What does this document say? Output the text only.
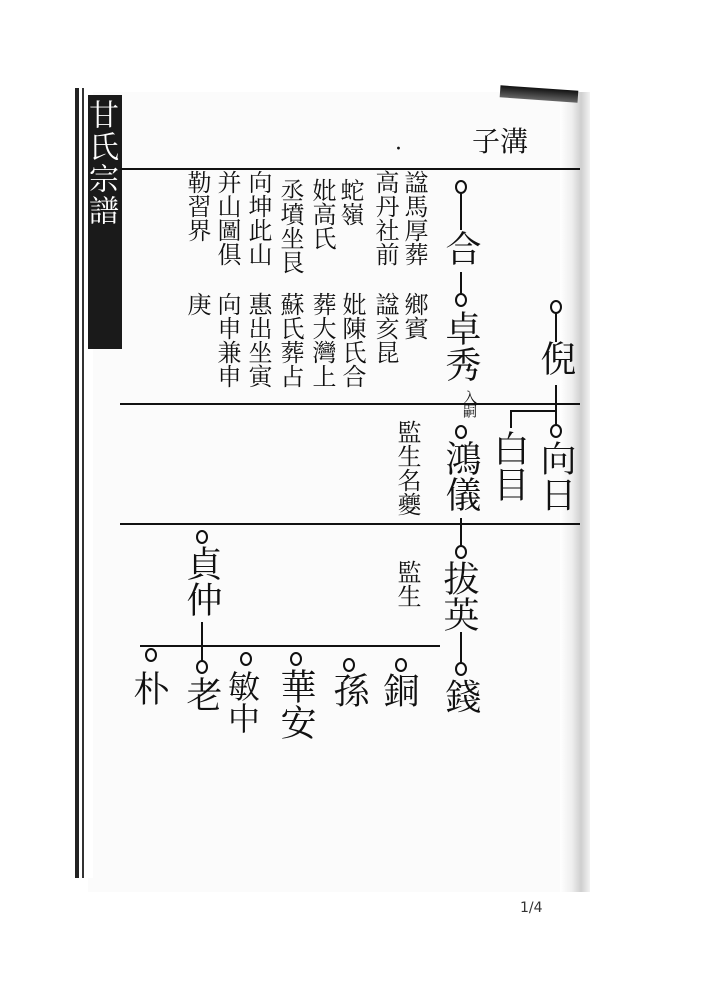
甘氏宗譜	·	子溝
倪
向日
白目
合
卓秀
入嗣
鴻儀
拔英
錢
諡馬厚葬
高丹社前
鄉賓
諡亥昆
妣陳氏合
葬大灣上
蛇嶺
妣高氏
蘇氏葬占
丞墳坐艮
惠出坐寅
向坤此山
向申兼申
并山圖俱
勒習界
庚
監生名夔
監生
貞仲
老
朴	銅
孫
華安
敏中
1/4
